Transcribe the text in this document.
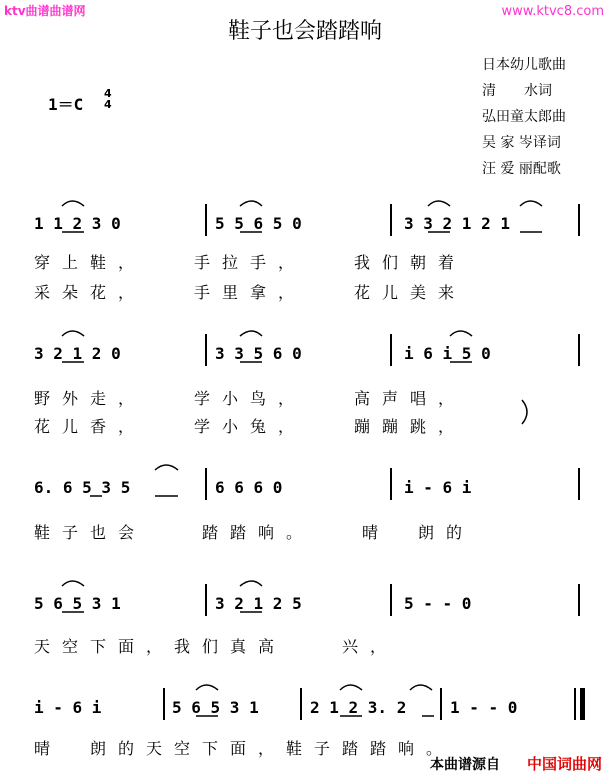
ktv曲谱曲谱网	www.ktvc8.com
鞋子也会踏踏响
日本幼儿歌曲
清　　水词
弘田童太郎曲
吴 家 岑译词
汪 爱 丽配歌
1＝C
4
4
1 1 2 3 0	5 5 6 5 0	3 3 2 1 2 1
穿上鞋，　　手拉手，　　我们朝着
采朵花，　　手里拿，　　花儿美来
3 2 1 2 0	3 3 5 6 0	i 6 i 5 0
野外走，　　学小鸟，　　高声唱，
花儿香，　　学小兔，　　蹦蹦跳，
6. 6 5 3 5	6 6 6 0	i - 6 i
鞋子也会　　踏踏响。　　晴　朗的
5 6 5 3 1	3 2 1 2 5	5 - - 0
天空下面，我们真高　　兴，
i - 6 i	5 6 5 3 1	2 1 2 3. 2	1 - - 0
晴　朗的天空下面，鞋子踏踏响。
本曲谱源自 中国词曲网
